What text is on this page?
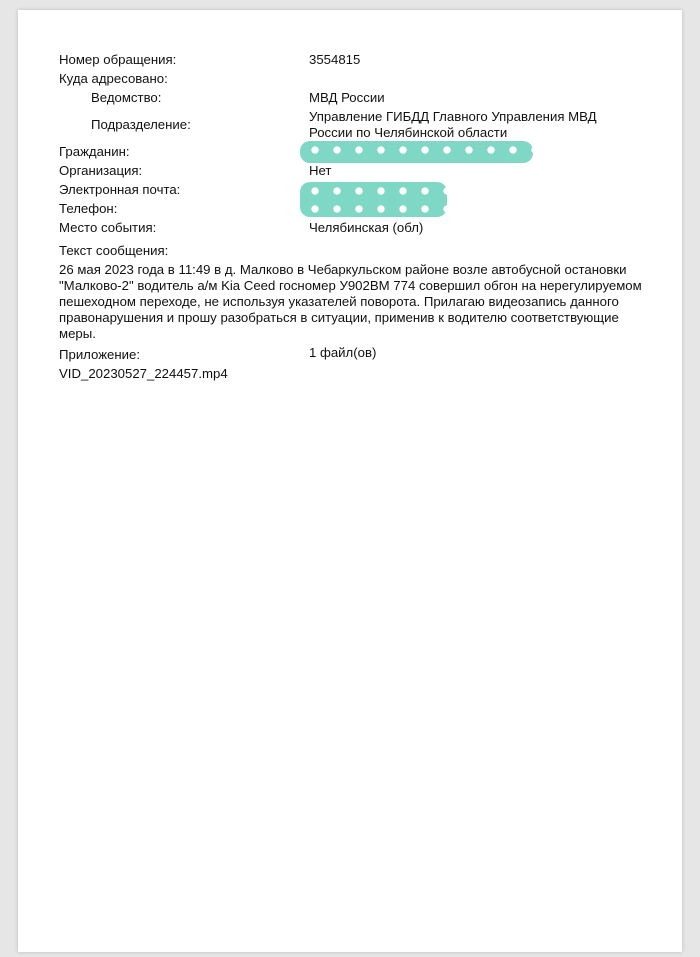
Номер обращения:	3554815
Куда адресовано:
Ведомство:	МВД России
Подразделение:
Управление ГИБДД Главного Управления МВД России по Челябинской области
Гражданин:
Организация:	Нет
Электронная почта:
Телефон:
Место события:	Челябинская (обл)
Текст сообщения:
26 мая 2023 года в 11:49 в д. Малково в Чебаркульском районе возле автобусной остановки "Малково-2" водитель а/м Kia Ceed госномер У902ВМ 774 совершил обгон на нерегулируемом пешеходном переходе, не используя указателей поворота. Прилагаю видеозапись данного правонарушения и прошу разобраться в ситуации, применив к водителю соответствующие меры.
Приложение:	1 файл(ов)
VID_20230527_224457.mp4
